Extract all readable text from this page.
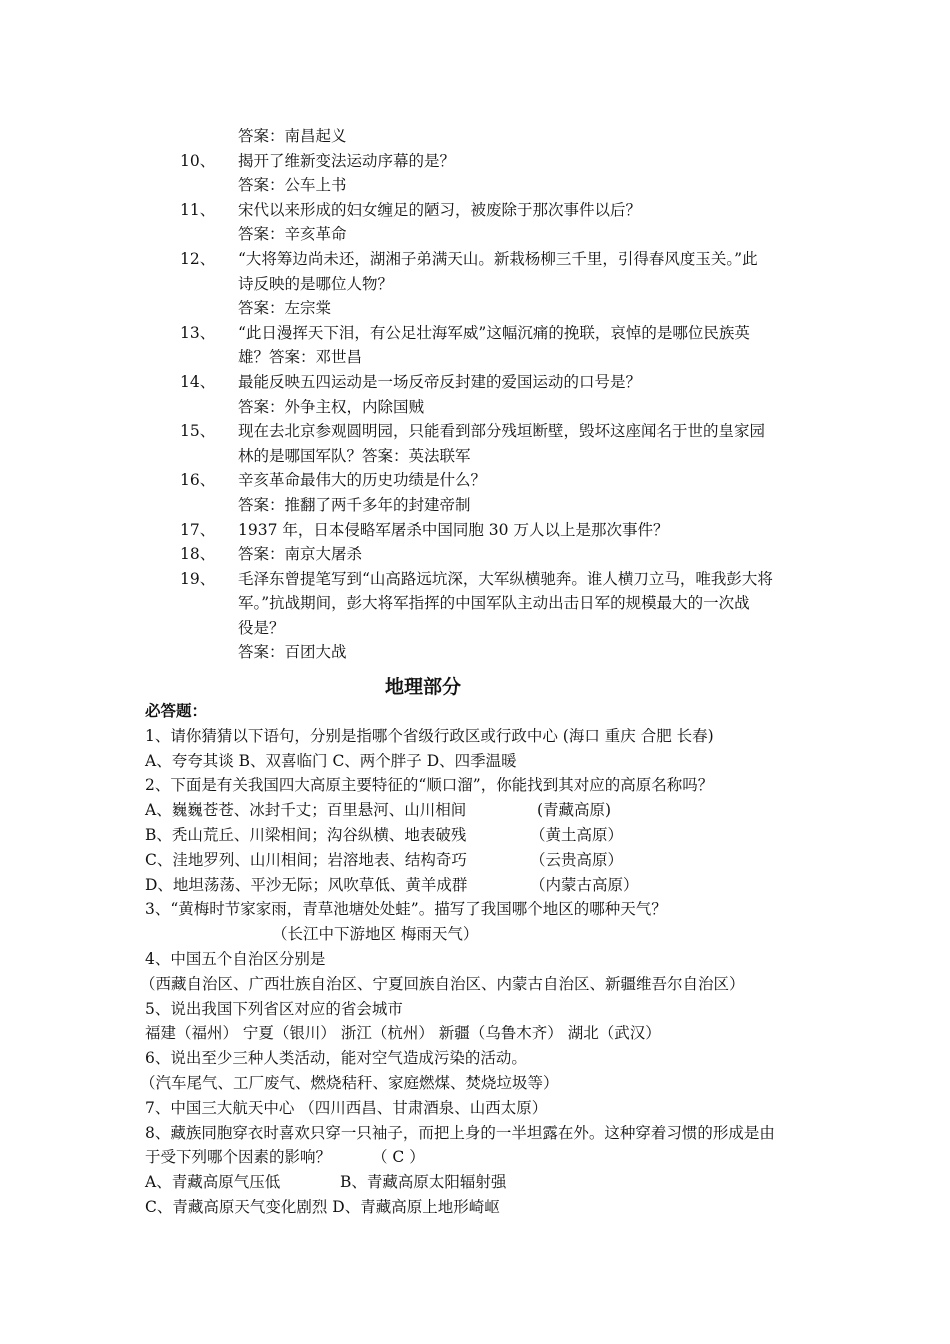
答案：南昌起义
10、 揭开了维新变法运动序幕的是？
答案：公车上书
11、 宋代以来形成的妇女缠足的陋习，被废除于那次事件以后？
答案：辛亥革命
12、 “大将筹边尚未还，湖湘子弟满天山。新栽杨柳三千里，引得春风度玉关。”此
诗反映的是哪位人物？
答案：左宗棠
13、 “此日漫挥天下泪，有公足壮海军威”这幅沉痛的挽联，哀悼的是哪位民族英
雄？答案：邓世昌
14、 最能反映五四运动是一场反帝反封建的爱国运动的口号是？
答案：外争主权，内除国贼
15、 现在去北京参观圆明园，只能看到部分残垣断壁，毁坏这座闻名于世的皇家园
林的是哪国军队？答案：英法联军
16、 辛亥革命最伟大的历史功绩是什么？
答案：推翻了两千多年的封建帝制
17、 1937 年，日本侵略军屠杀中国同胞 30 万人以上是那次事件？
18、 答案：南京大屠杀
19、 毛泽东曾提笔写到“山高路远坑深，大军纵横驰奔。谁人横刀立马，唯我彭大将
军。”抗战期间，彭大将军指挥的中国军队主动出击日军的规模最大的一次战
役是？
答案：百团大战
地理部分
必答题：
1、请你猜猜以下语句，分别是指哪个省级行政区或行政中心 (海口 重庆 合肥 长春)
A、夸夸其谈 B、双喜临门 C、两个胖子 D、四季温暖
2、下面是有关我国四大高原主要特征的“顺口溜”，你能找到其对应的高原名称吗？
A、巍巍苍苍、冰封千丈；百里悬河、山川相间	(青藏高原)
B、秃山荒丘、川梁相间；沟谷纵横、地表破残	（黄土高原）
C、洼地罗列、山川相间；岩溶地表、结构奇巧	（云贵高原）
D、地坦荡荡、平沙无际；风吹草低、黄羊成群	（内蒙古高原）
3、“黄梅时节家家雨，青草池塘处处蛙”。描写了我国哪个地区的哪种天气？
（长江中下游地区 梅雨天气）
4、中国五个自治区分别是
（西藏自治区、广西壮族自治区、宁夏回族自治区、内蒙古自治区、新疆维吾尔自治区）
5、说出我国下列省区对应的省会城市
福建（福州） 宁夏（银川） 浙江（杭州） 新疆（乌鲁木齐） 湖北（武汉）
6、说出至少三种人类活动，能对空气造成污染的活动。
（汽车尾气、工厂废气、燃烧秸秆、家庭燃煤、焚烧垃圾等）
7、中国三大航天中心 （四川西昌、甘肃酒泉、山西太原）
8、藏族同胞穿衣时喜欢只穿一只袖子，而把上身的一半坦露在外。这种穿着习惯的形成是由
于受下列哪个因素的影响？	（ C ）
A、青藏高原气压低	B、青藏高原太阳辐射强
C、青藏高原天气变化剧烈 D、青藏高原上地形崎岖
